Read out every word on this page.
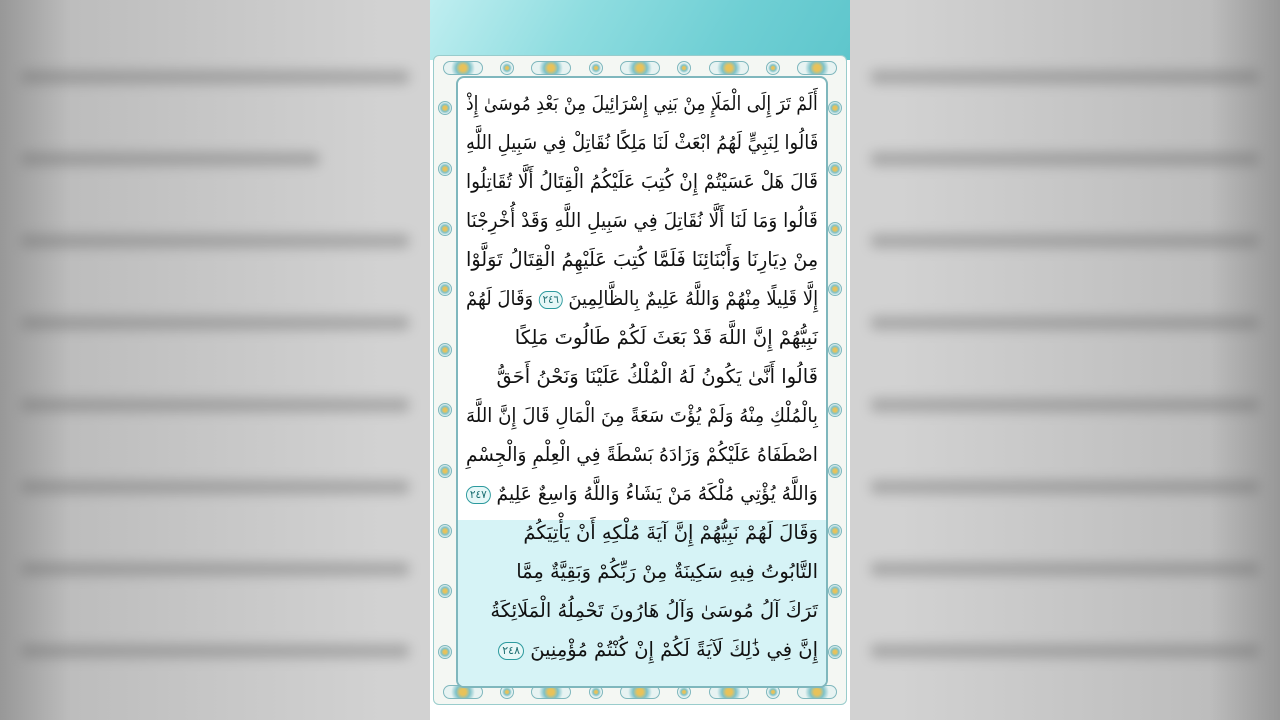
أَلَمْ تَرَ إِلَى الْمَلَإِ مِنْ بَنِي إِسْرَائِيلَ مِنْ بَعْدِ مُوسَىٰ إِذْ
قَالُوا لِنَبِيٍّ لَهُمُ ابْعَثْ لَنَا مَلِكًا نُقَاتِلْ فِي سَبِيلِ اللَّهِ
قَالَ هَلْ عَسَيْتُمْ إِنْ كُتِبَ عَلَيْكُمُ الْقِتَالُ أَلَّا تُقَاتِلُوا
قَالُوا وَمَا لَنَا أَلَّا نُقَاتِلَ فِي سَبِيلِ اللَّهِ وَقَدْ أُخْرِجْنَا
مِنْ دِيَارِنَا وَأَبْنَائِنَا فَلَمَّا كُتِبَ عَلَيْهِمُ الْقِتَالُ تَوَلَّوْا
إِلَّا قَلِيلًا مِنْهُمْ وَاللَّهُ عَلِيمٌ بِالظَّالِمِينَ ٢٤٦ وَقَالَ لَهُمْ
نَبِيُّهُمْ إِنَّ اللَّهَ قَدْ بَعَثَ لَكُمْ طَالُوتَ مَلِكًا
قَالُوا أَنَّىٰ يَكُونُ لَهُ الْمُلْكُ عَلَيْنَا وَنَحْنُ أَحَقُّ
بِالْمُلْكِ مِنْهُ وَلَمْ يُؤْتَ سَعَةً مِنَ الْمَالِ قَالَ إِنَّ اللَّهَ
اصْطَفَاهُ عَلَيْكُمْ وَزَادَهُ بَسْطَةً فِي الْعِلْمِ وَالْجِسْمِ
وَاللَّهُ يُؤْتِي مُلْكَهُ مَنْ يَشَاءُ وَاللَّهُ وَاسِعٌ عَلِيمٌ ٢٤٧
وَقَالَ لَهُمْ نَبِيُّهُمْ إِنَّ آيَةَ مُلْكِهِ أَنْ يَأْتِيَكُمُ
التَّابُوتُ فِيهِ سَكِينَةٌ مِنْ رَبِّكُمْ وَبَقِيَّةٌ مِمَّا
تَرَكَ آلُ مُوسَىٰ وَآلُ هَارُونَ تَحْمِلُهُ الْمَلَائِكَةُ
إِنَّ فِي ذَٰلِكَ لَآيَةً لَكُمْ إِنْ كُنْتُمْ مُؤْمِنِينَ ٢٤٨
